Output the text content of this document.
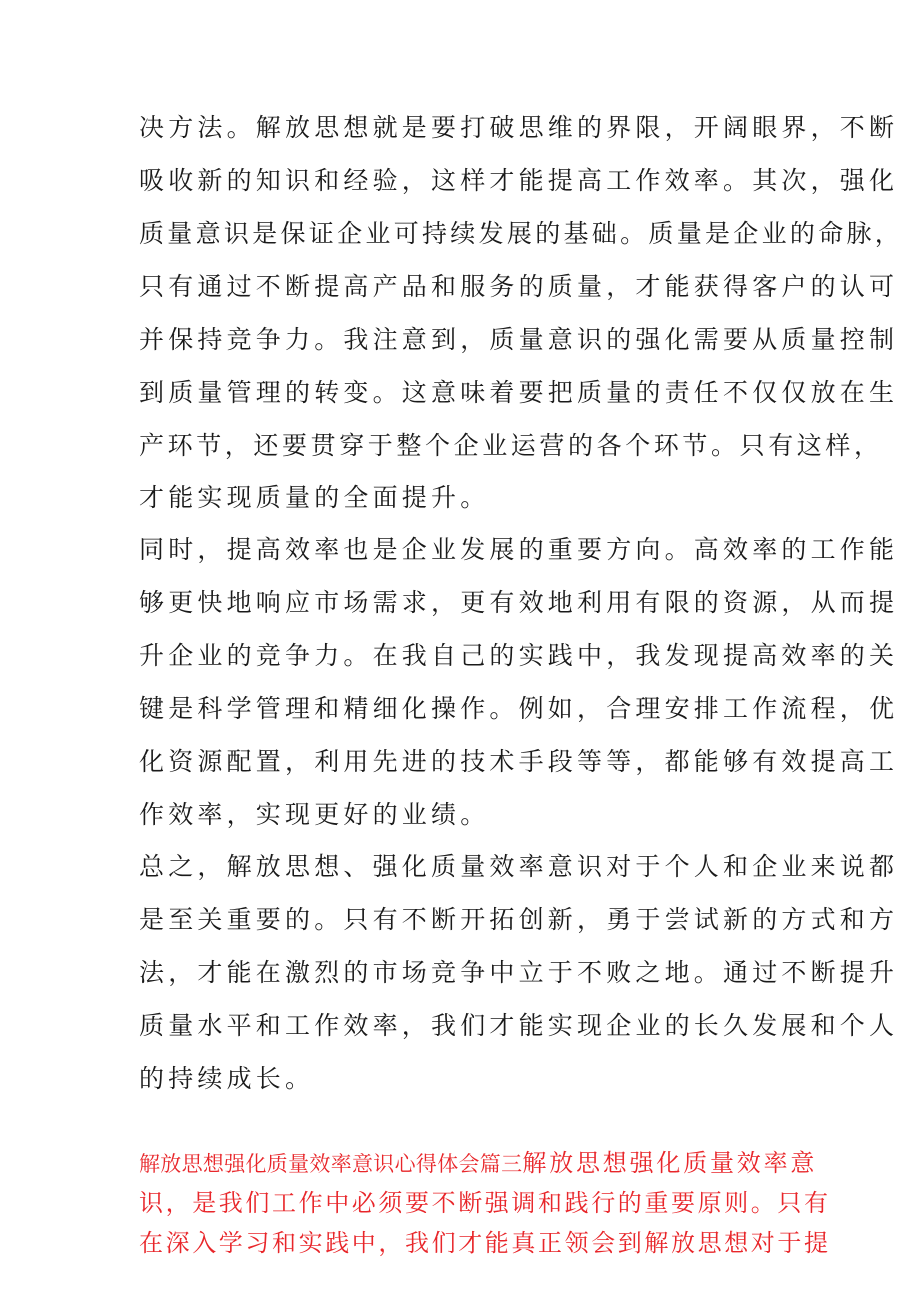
决方法。解放思想就是要打破思维的界限，开阔眼界，不断
吸收新的知识和经验，这样才能提高工作效率。其次，强化
质量意识是保证企业可持续发展的基础。质量是企业的命脉，
只有通过不断提高产品和服务的质量，才能获得客户的认可
并保持竞争力。我注意到，质量意识的强化需要从质量控制
到质量管理的转变。这意味着要把质量的责任不仅仅放在生
产环节，还要贯穿于整个企业运营的各个环节。只有这样，
才能实现质量的全面提升。
同时，提高效率也是企业发展的重要方向。高效率的工作能
够更快地响应市场需求，更有效地利用有限的资源，从而提
升企业的竞争力。在我自己的实践中，我发现提高效率的关
键是科学管理和精细化操作。例如，合理安排工作流程，优
化资源配置，利用先进的技术手段等等，都能够有效提高工
作效率，实现更好的业绩。
总之，解放思想、强化质量效率意识对于个人和企业来说都
是至关重要的。只有不断开拓创新，勇于尝试新的方式和方
法，才能在激烈的市场竞争中立于不败之地。通过不断提升
质量水平和工作效率，我们才能实现企业的长久发展和个人
的持续成长。
解放思想强化质量效率意识心得体会篇三解放思想强化质量效率意
识，是我们工作中必须要不断强调和践行的重要原则。只有
在深入学习和实践中，我们才能真正领会到解放思想对于提
